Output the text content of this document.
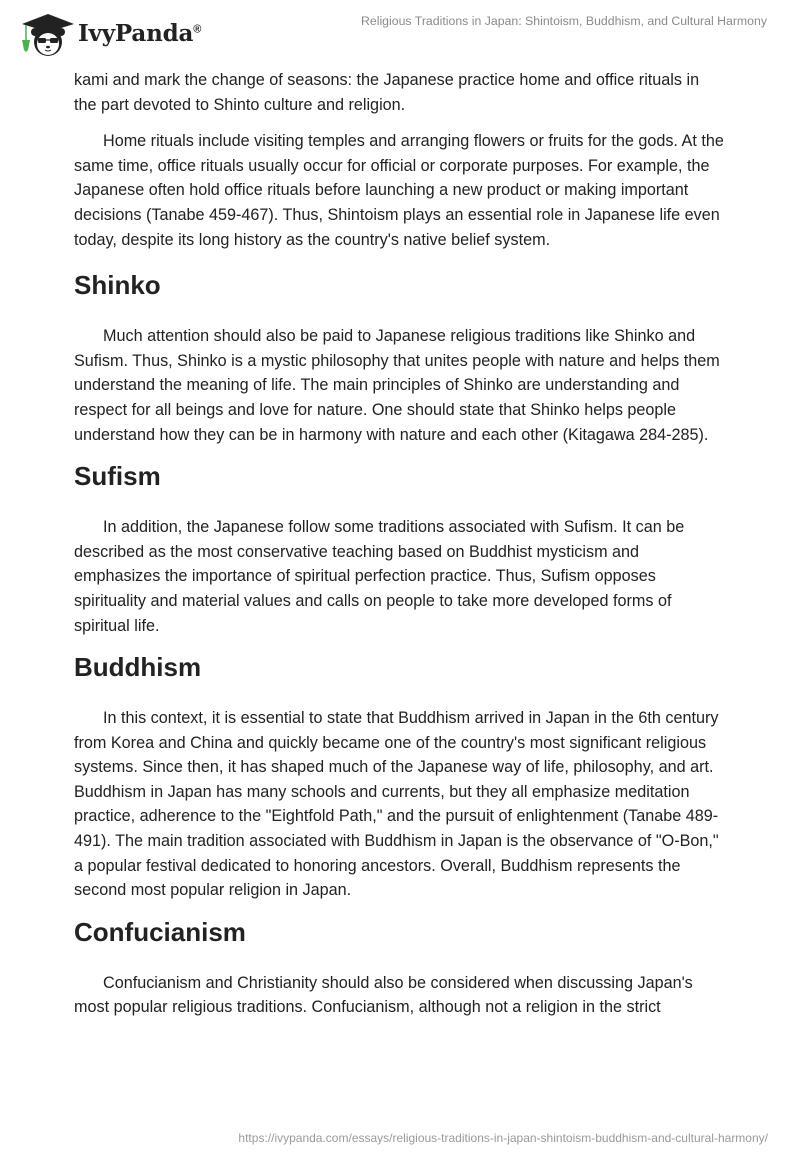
IvyPanda®
Religious Traditions in Japan: Shintoism, Buddhism, and Cultural Harmony

kami and mark the change of seasons: the Japanese practice home and office rituals in the part devoted to Shinto culture and religion.

Home rituals include visiting temples and arranging flowers or fruits for the gods. At the same time, office rituals usually occur for official or corporate purposes. For example, the Japanese often hold office rituals before launching a new product or making important decisions (Tanabe 459-467). Thus, Shintoism plays an essential role in Japanese life even today, despite its long history as the country's native belief system.

Shinko

Much attention should also be paid to Japanese religious traditions like Shinko and Sufism. Thus, Shinko is a mystic philosophy that unites people with nature and helps them understand the meaning of life. The main principles of Shinko are understanding and respect for all beings and love for nature. One should state that Shinko helps people understand how they can be in harmony with nature and each other (Kitagawa 284-285).

Sufism

In addition, the Japanese follow some traditions associated with Sufism. It can be described as the most conservative teaching based on Buddhist mysticism and emphasizes the importance of spiritual perfection practice. Thus, Sufism opposes spirituality and material values and calls on people to take more developed forms of spiritual life.

Buddhism

In this context, it is essential to state that Buddhism arrived in Japan in the 6th century from Korea and China and quickly became one of the country's most significant religious systems. Since then, it has shaped much of the Japanese way of life, philosophy, and art. Buddhism in Japan has many schools and currents, but they all emphasize meditation practice, adherence to the "Eightfold Path," and the pursuit of enlightenment (Tanabe 489-491). The main tradition associated with Buddhism in Japan is the observance of "O-Bon," a popular festival dedicated to honoring ancestors. Overall, Buddhism represents the second most popular religion in Japan.

Confucianism

Confucianism and Christianity should also be considered when discussing Japan's most popular religious traditions. Confucianism, although not a religion in the strict

https://ivypanda.com/essays/religious-traditions-in-japan-shintoism-buddhism-and-cultural-harmony/
